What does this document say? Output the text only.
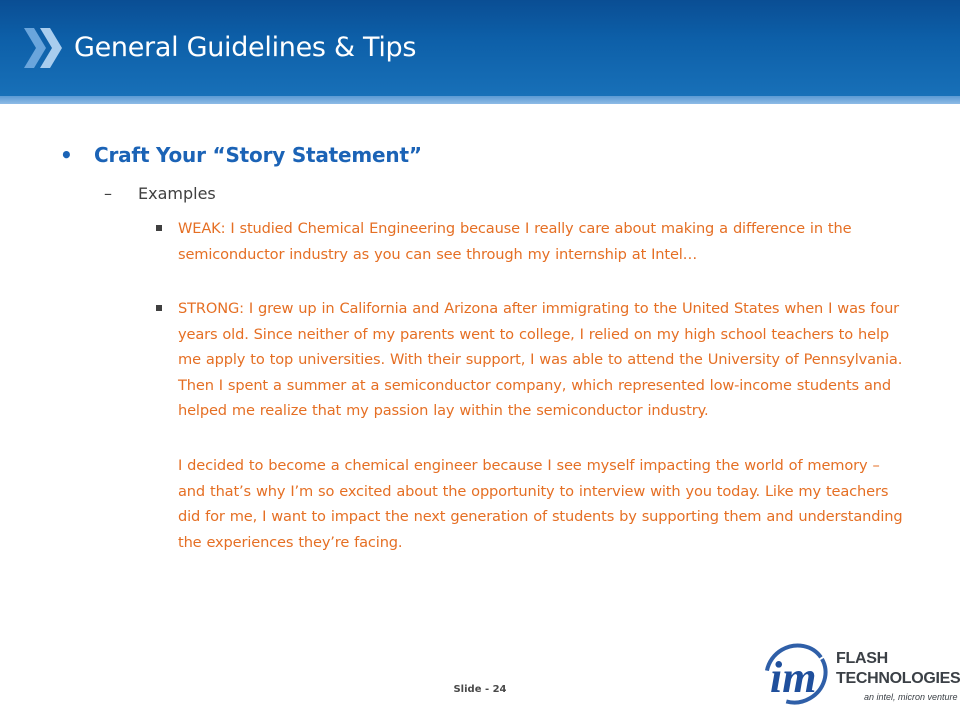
General Guidelines & Tips
• Craft Your “Story Statement”
– Examples
WEAK: I studied Chemical Engineering because I really care about making a difference in the semiconductor industry as you can see through my internship at Intel…
STRONG: I grew up in California and Arizona after immigrating to the United States when I was four years old. Since neither of my parents went to college, I relied on my high school teachers to help me apply to top universities. With their support, I was able to attend the University of Pennsylvania. Then I spent a summer at a semiconductor company, which represented low-income students and helped me realize that my passion lay within the semiconductor industry.
I decided to become a chemical engineer because I see myself impacting the world of memory – and that’s why I’m so excited about the opportunity to interview with you today. Like my teachers did for me, I want to impact the next generation of students by supporting them and understanding the experiences they’re facing.
Slide - 24	im FLASH
TECHNOLOGIES
an intel, micron venture
